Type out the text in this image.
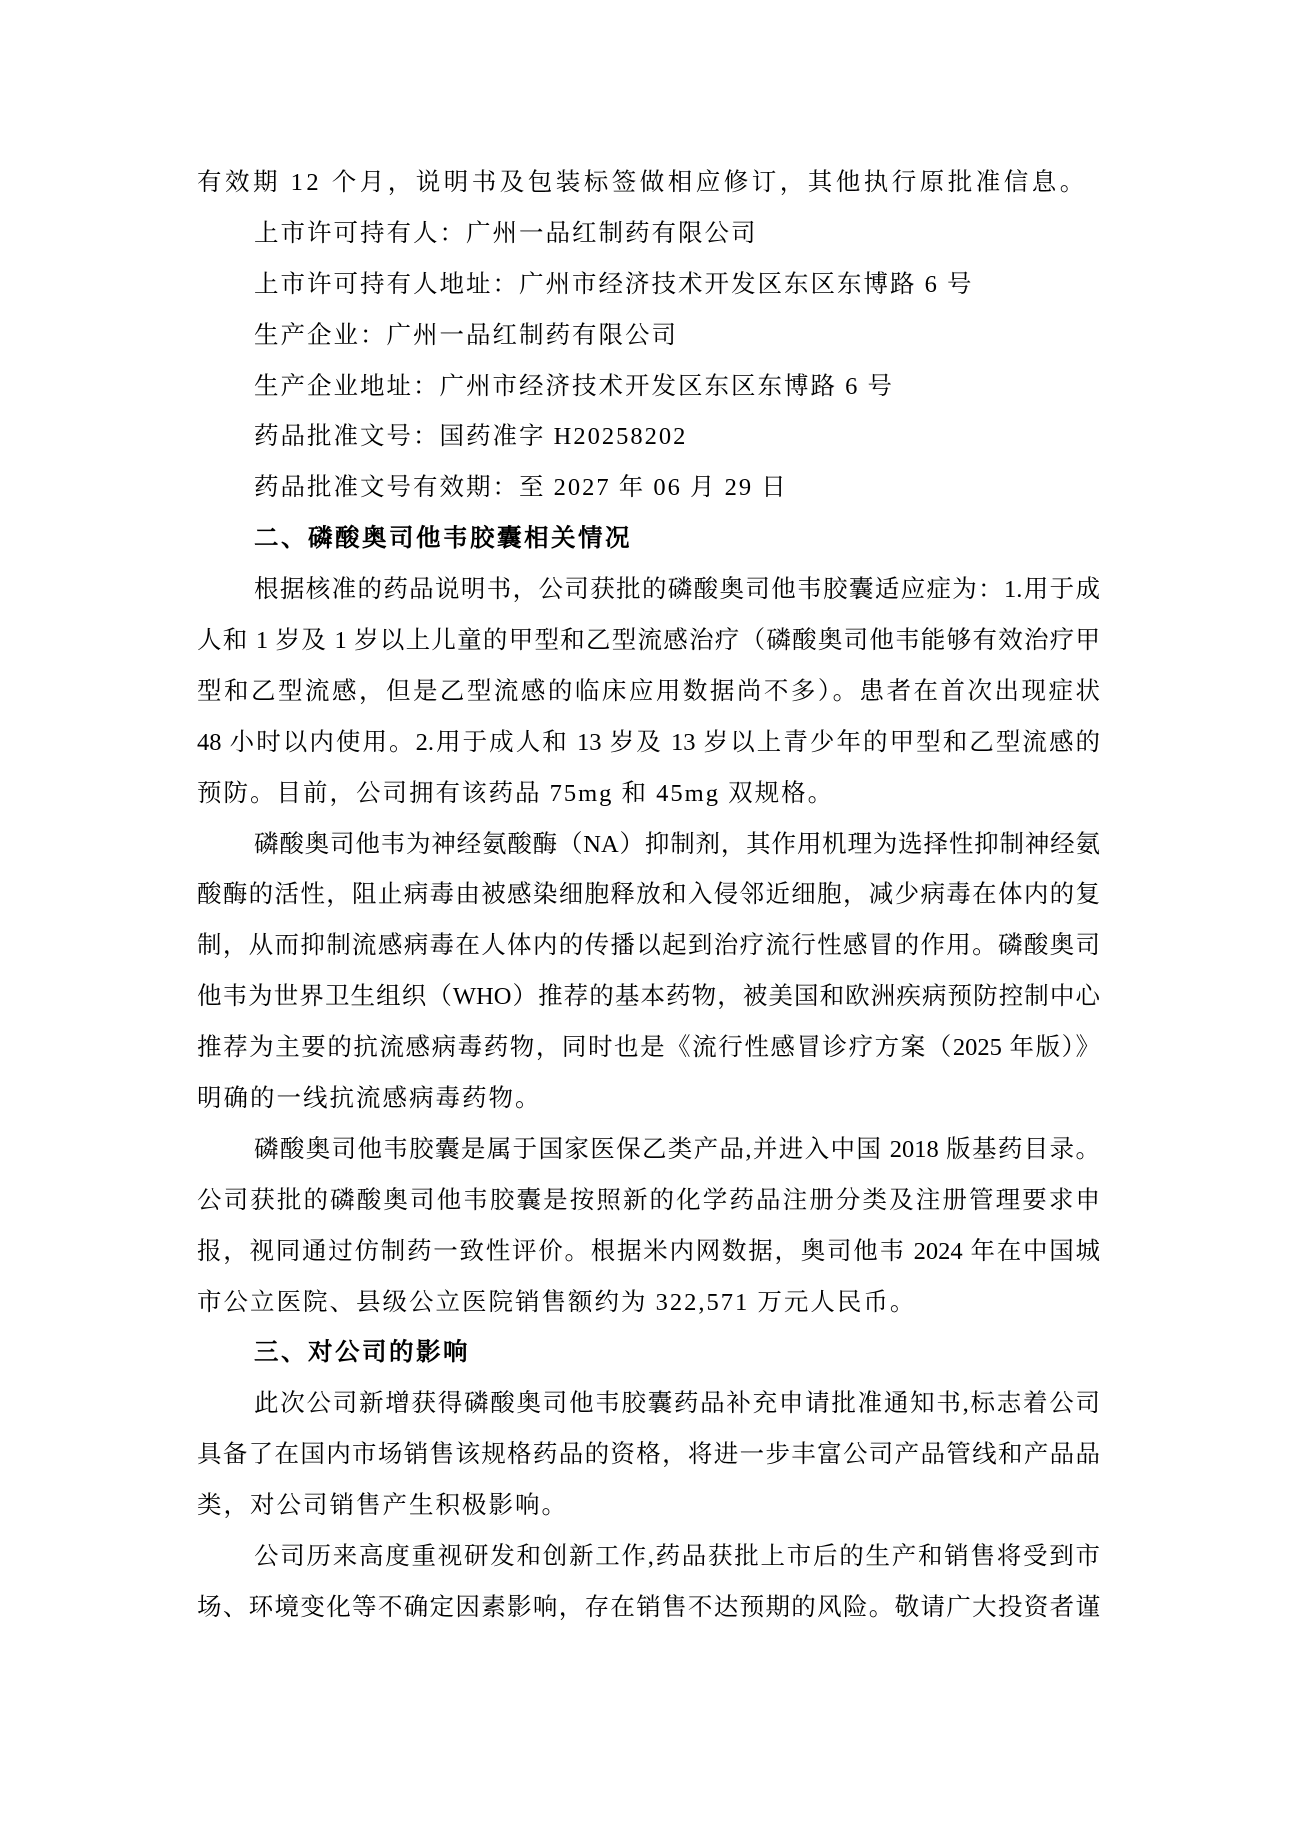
有效期 12 个月，说明书及包装标签做相应修订，其他执行原批准信息。
上市许可持有人：广州一品红制药有限公司
上市许可持有人地址：广州市经济技术开发区东区东博路 6 号
生产企业：广州一品红制药有限公司
生产企业地址：广州市经济技术开发区东区东博路 6 号
药品批准文号：国药准字 H20258202
药品批准文号有效期：至 2027 年 06 月 29 日
二、磷酸奥司他韦胶囊相关情况
根据核准的药品说明书，公司获批的磷酸奥司他韦胶囊适应症为：1.用于成
人和 1 岁及 1 岁以上儿童的甲型和乙型流感治疗（磷酸奥司他韦能够有效治疗甲
型和乙型流感，但是乙型流感的临床应用数据尚不多）。患者在首次出现症状
48 小时以内使用。2.用于成人和 13 岁及 13 岁以上青少年的甲型和乙型流感的
预防。目前，公司拥有该药品 75mg 和 45mg 双规格。
磷酸奥司他韦为神经氨酸酶（NA）抑制剂，其作用机理为选择性抑制神经氨
酸酶的活性，阻止病毒由被感染细胞释放和入侵邻近细胞，减少病毒在体内的复
制，从而抑制流感病毒在人体内的传播以起到治疗流行性感冒的作用。磷酸奥司
他韦为世界卫生组织（WHO）推荐的基本药物，被美国和欧洲疾病预防控制中心
推荐为主要的抗流感病毒药物，同时也是《流行性感冒诊疗方案（2025 年版）》
明确的一线抗流感病毒药物。
磷酸奥司他韦胶囊是属于国家医保乙类产品,并进入中国 2018 版基药目录。
公司获批的磷酸奥司他韦胶囊是按照新的化学药品注册分类及注册管理要求申
报，视同通过仿制药一致性评价。根据米内网数据，奥司他韦 2024 年在中国城
市公立医院、县级公立医院销售额约为 322,571 万元人民币。
三、对公司的影响
此次公司新增获得磷酸奥司他韦胶囊药品补充申请批准通知书,标志着公司
具备了在国内市场销售该规格药品的资格，将进一步丰富公司产品管线和产品品
类，对公司销售产生积极影响。
公司历来高度重视研发和创新工作,药品获批上市后的生产和销售将受到市
场、环境变化等不确定因素影响，存在销售不达预期的风险。敬请广大投资者谨
